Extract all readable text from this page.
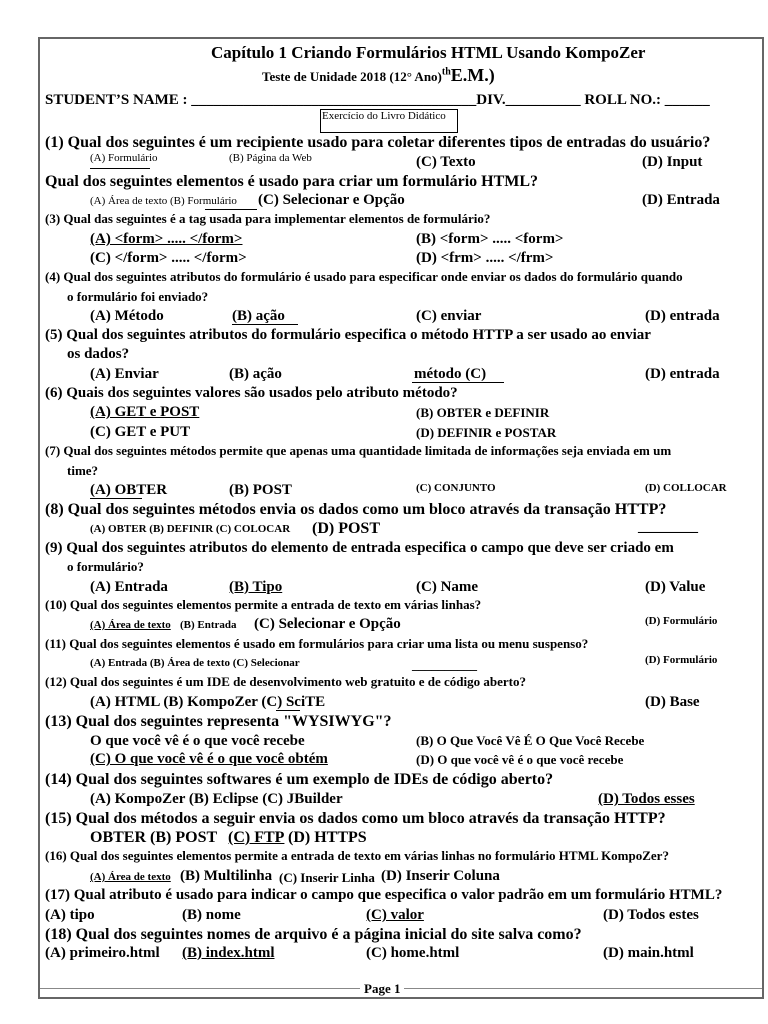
Capítulo 1 Criando Formulários HTML Usando KompoZer
Teste de Unidade 2018 (12° Ano)$^{th}$E.M.)
STUDENT’S NAME : ______________________________________DIV.__________ ROLL NO.: ______
Exercício do Livro Didático
(1) Qual dos seguintes é um recipiente usado para coletar diferentes tipos de entradas do usuário?
(A) Formulário	(B) Página da Web	(C) Texto	(D) Input
Qual dos seguintes elementos é usado para criar um formulário HTML?
(A) Área de texto (B) Formulário (C) Selecionar e Opção	(D) Entrada
(3) Qual das seguintes é a tag usada para implementar elementos de formulário?
(A) <form> ..... </form>	(B) <form> ..... <form>
(C) </form> ..... </form>	(D) <frm> ..... </frm>
(4) Qual dos seguintes atributos do formulário é usado para especificar onde enviar os dados do formulário quando
o formulário foi enviado?
(A) Método	(B) ação	(C) enviar	(D) entrada
(5) Qual dos seguintes atributos do formulário especifica o método HTTP a ser usado ao enviar
os dados?
(A) Enviar	(B) ação	método (C)	(D) entrada
(6) Quais dos seguintes valores são usados pelo atributo método?
(A) GET e POST	(B) OBTER e DEFINIR
(C) GET e PUT	(D) DEFINIR e POSTAR
(7) Qual dos seguintes métodos permite que apenas uma quantidade limitada de informações seja enviada em um
time?
(A) OBTER	(B) POST	(C) CONJUNTO	(D) COLLOCAR
(8) Qual dos seguintes métodos envia os dados como um bloco através da transação HTTP?
(A) OBTER (B) DEFINIR (C) COLOCAR (D) POST	________
(9) Qual dos seguintes atributos do elemento de entrada especifica o campo que deve ser criado em
o formulário?
(A) Entrada	(B) Tipo	(C) Name	(D) Value
(10) Qual dos seguintes elementos permite a entrada de texto em várias linhas?
(A) Área de texto (B) Entrada (C) Selecionar e Opção	(D) Formulário
(11) Qual dos seguintes elementos é usado em formulários para criar uma lista ou menu suspenso?
(A) Entrada (B) Área de texto (C) Selecionar	__________	(D) Formulário
(12) Qual dos seguintes é um IDE de desenvolvimento web gratuito e de código aberto?
(A) HTML (B) KompoZer (C) SciTE	(D) Base
(13) Qual dos seguintes representa "WYSIWYG"?
O que você vê é o que você recebe	(B) O Que Você Vê É O Que Você Recebe
(C) O que você vê é o que você obtém	(D) O que você vê é o que você recebe
(14) Qual dos seguintes softwares é um exemplo de IDEs de código aberto?
(A) KompoZer (B) Eclipse (C) JBuilder	(D) Todos esses
(15) Qual dos métodos a seguir envia os dados como um bloco através da transação HTTP?
OBTER (B) POST (C) FTP (D) HTTPS
(16) Qual dos seguintes elementos permite a entrada de texto em várias linhas no formulário HTML KompoZer?
(A) Área de texto (B) Multilinha (C) Inserir Linha (D) Inserir Coluna
(17) Qual atributo é usado para indicar o campo que especifica o valor padrão em um formulário HTML?
(A) tipo	(B) nome	(C) valor	(D) Todos estes
(18) Qual dos seguintes nomes de arquivo é a página inicial do site salva como?
(A) primeiro.html (B) index.html	(C) home.html	(D) main.html
Page 1
